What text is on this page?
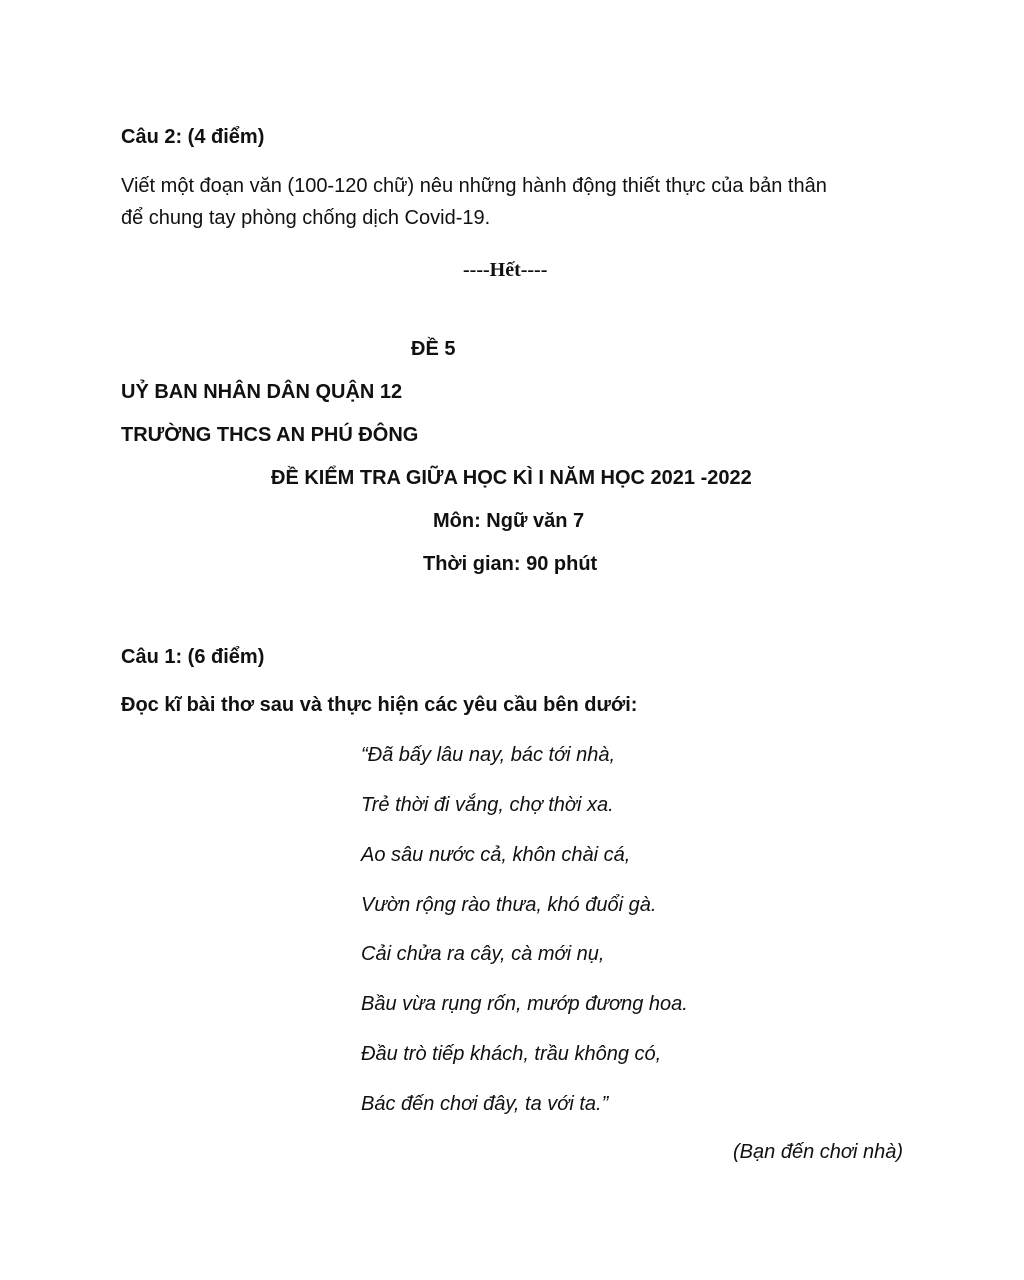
Câu 2: (4 điểm)
Viết một đoạn văn (100-120 chữ) nêu những hành động thiết thực của bản thân
để chung tay phòng chống dịch Covid-19.
----Hết----
ĐỀ 5
UỶ BAN NHÂN DÂN QUẬN 12
TRƯỜNG THCS AN PHÚ ĐÔNG
ĐỀ KIỂM TRA GIỮA HỌC KÌ I NĂM HỌC 2021 -2022
Môn: Ngữ văn 7
Thời gian: 90 phút
Câu 1: (6 điểm)
Đọc kĩ bài thơ sau và thực hiện các yêu cầu bên dưới:
“Đã bấy lâu nay, bác tới nhà,
Trẻ thời đi vắng, chợ thời xa.
Ao sâu nước cả, khôn chài cá,
Vườn rộng rào thưa, khó đuổi gà.
Cải chửa ra cây, cà mới nụ,
Bầu vừa rụng rốn, mướp đương hoa.
Đầu trò tiếp khách, trầu không có,
Bác đến chơi đây, ta với ta.”
(Bạn đến chơi nhà)
